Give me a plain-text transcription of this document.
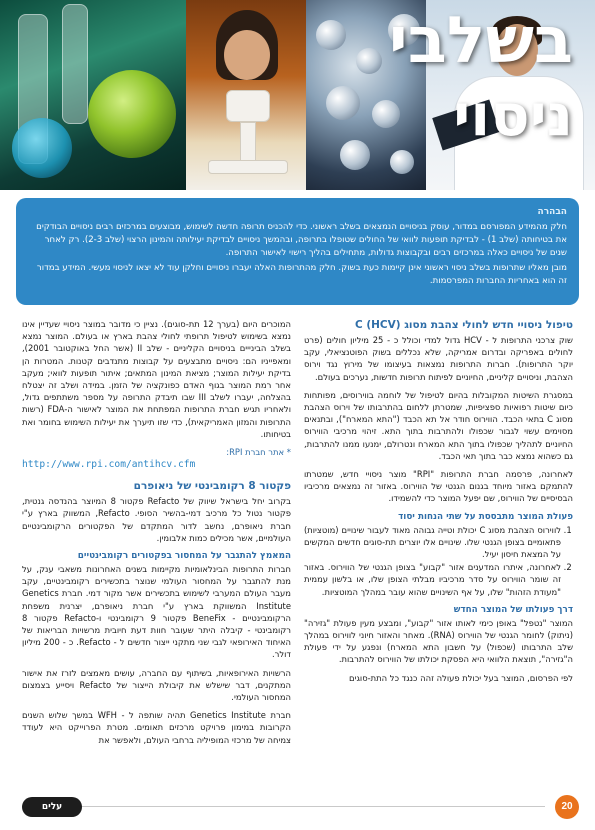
בשלבי
ניסוי

הבהרה

חלק מהמידע המפורסם במדור, עוסק בניסויים הנמצאים בשלב ראשוני. כדי להכניס תרופה חדשה לשימוש, מבוצעים במרכזים רבים ניסויים הבודקים את בטיחותה (שלב 1) - לבדיקת תופעות לוואי של החולים שטופלו בתרופה, ובהמשך ניסויים לבדיקת יעילותה והמינון הרצוי (שלב 2-3). רק לאחר שנים של ניסויים כאלה במרכזים רבים ובקבוצות גדולות, מתחילים בהליך רישוי לאישור התרופה.

מובן מאליו שתרופות בשלב ניסוי ראשוני אינן קיימות כעת בשוק. חלק מהתרופות האלה יעברו ניסויים וחלקן עוד לא יצאו לניסוי מעשי. המידע במדור זה הוא באחריות החברות המפרסמות.

טיפול ניסויי חדש לחולי צהבת מסוג C (HCV)

שוק צרכני התרופות ל - HCV גדול למדי וכולל כ - 25 מיליון חולים (פרט לחולים באפריקה ובדרום אמריקה, שלא נכללים בשוק הפוטנציאלי, עקב יוקר התרופות). חברות התרופות נמצאות בעיצומו של מירוץ נגד וירוס הצהבת, וניסויים קליניים, החיוניים לפיתוח תרופות חדשות, נערכים בעולם.

במסגרת השיטות המקובלות בהיום לטיפול של לוחמה בווירוסים, מפותחות כיום שיטות רפואיות ספציפיות, שמטרתן ללחום בהתרבותו של וירוס הצהבת מסוג C בתאי הכבד. הווירוס חודר אל תא הכבד ("התא המארח"), ובתנאים מסוימים עשוי לגבור שכפולו ולהתרבות בתוך התא. זיהוי מרכיבי הווירוס החיוניים לתהליך שכפולו בתוך התא המארח ונטרולם, ימנעו ממנו להתרבות, גם כשהוא נמצא כבר בתוך תאי הכבד.

לאחרונה, פרסמה חברת התרופות "RPI" מוצר ניסויי חדש, שמטרתו להתמקם באזור מיוחד בגנום הגנטי של הווירוס. באזור זה נמצאים מרכיביו הבסיסיים של הווירוס, שם יפעל המוצר כדי להשמידו.

פעולת המוצר מתבססת על שתי הנחות יסוד
1. לווירוס הצהבת מסוג C יכולת וטייה גבוהה מאוד לעבור שינויים (מוטציות) פתאומיים בצופן הגנטי שלו. שינויים אלו יוצרים תת-סוגים חדשים המקשים על המצאת חיסון יעיל.
2. לאחרונה, איתרו המדענים אזור "קבוע" בצופן הגנטי של הווירוס. באזור זה שומר הווירוס על סדר מרכיביו מבלתי הצופן שלו, או בלשון עממית "מעודת הזהות" שלו, על אף השינויים שהוא עובר במהלך המוטציות.
דרך פעולתו של המוצר החדש

המוצר "נטפל" באופן כימי לאותו אזור "קבוע", ומבצע מעין פעולת "גזירה" (ניתוק) לחומר הגנטי של הווירוס (RNA). מאחר והאזור חיוני לווירוס במהלך שלב התרבותו (שכפול) על חשבון התא המארח) ונפגע על ידי פעולת ה"גזירה", תוצאת הלוואי היא הפסקת יכולתו של הווירוס להתרבות.

לפי הפרסום, המוצר בעל יכולת פעולה זהה כנגד כל התת-סוגים

המוכרים היום (בערך 12 תת-סוגים). נציין כי מדובר במוצר ניסויי שעדיין אינו נמצא בשימוש לטיפול תרופתי לחולי צהבת בארץ או בעולם. המוצר נמצא בשלב הבינייים בניסויים הקליניים - שלב II (אשר החל באוקטובר 2001), ומאפייניו הם: ניסויים מתבצעים על קבוצות מתנדבים קטנות. המטרות הן בדיקת יעילות המוצר; מציאת המינון המתאים; איתור תופעות לוואי; מעקב אחר רמת המוצר בגוף האדם כפונקציה של הזמן. במידה ושלב זה יצטלח בהצלחה, יעברו לשלב III שבו תיבדק התרופה על מספר משתתפים גדול, ולאחריו תגיש חברת התרופות המפתחת את המוצר לאישור ה-FDA (רשות התרופות והמזון האמריקאית), כדי שזו תיערך את יעילות השימוש בחומר ואת בטיחותו.

* אתר חברת RPI:
http://www.rpi.com/antihcv.cfm
פקטור 8 רקומבינטי של ניאופרם

בקרוב יחל בישראל שיווק של Refacto פקטור 8 המיוצר בהנדסה גנטית, פקטור נטול כל מרכיב דמי-בהשיר הסופי. Refacto, המשווק בארץ ע"י חברת ניאופרם, נחשב לדור המתקדם של הפקטורים הרקומבינטיים העולמיים, אשר מכילים כמות אלבומין.

המאמץ להתגבר על המחסור בפקטורים רקומבינטיים

חברות התרופות הבינלאומיות מקיימות בשנים האחרונות משאבי ענק, על מנת להתגבר על המחסור העולמי שנוצר בתכשירים רקומבינטיים, עקב מעבר העולם המערבי לשימוש בתכשירים אשר מקור דמי. חברת Genetics Institute המשווקת בארץ ע"י חברת ניאופרם, יצרנית משפחת הרקומבינטיים - BeneFix פקטור 9 רקומבינטי ו-Refacto פקטור 8 רקומבינטי - קיבלה היתר שעובר חוות דעת חיובית מרשויות הבריאות של האיחוד האירופאי לגבי שני מתקני ייצור חדשים ל - Refacto. כ - 200 מיליון דולר.

הרשויות האירופאיות, בשיתוף עם החברה, עושים מאמצים לזרז את אישור המתקנים, דבר שישלש את קיבולת הייצור של Refacto ויסייע בצמצום המחסור העולמי.

חברת Genetics Institute תהיה שותפה ל - WFH במשך שלוש השנים הקרובות במימון פרויקט מרכזים תאומים. מטרת הפרוייקט היא לעודד צמיחה של מרכזי המופיליה ברחבי העולם, ולאפשר את

עלים	20
